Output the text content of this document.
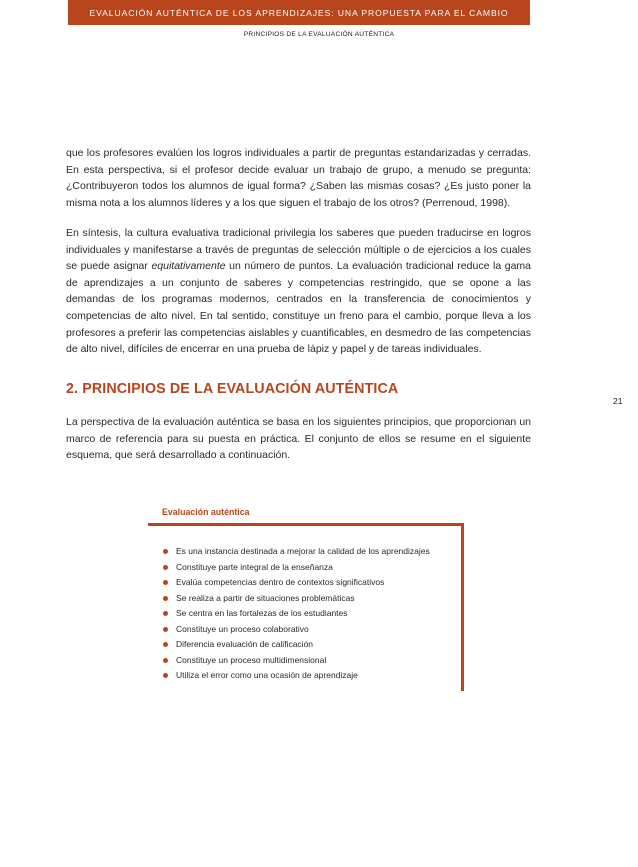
EVALUACIÓN AUTÉNTICA DE LOS APRENDIZAJES: UNA PROPUESTA PARA EL CAMBIO
PRINCIPIOS DE LA EVALUACIÓN AUTÉNTICA

que los profesores evalúen los logros individuales a partir de preguntas estandarizadas y cerradas. En esta perspectiva, si el profesor decide evaluar un trabajo de grupo, a menudo se pregunta: ¿Contribuyeron todos los alumnos de igual forma? ¿Saben las mismas cosas? ¿Es justo poner la misma nota a los alumnos líderes y a los que siguen el trabajo de los otros? (Perrenoud, 1998).

En síntesis, la cultura evaluativa tradicional privilegia los saberes que pueden traducirse en logros individuales y manifestarse a través de preguntas de selección múltiple o de ejercicios a los cuales se puede asignar equitativamente un número de puntos. La evaluación tradicional reduce la gama de aprendizajes a un conjunto de saberes y competencias restringido, que se opone a las demandas de los programas modernos, centrados en la transferencia de conocimientos y competencias de alto nivel. En tal sentido, constituye un freno para el cambio, porque lleva a los profesores a preferir las competencias aislables y cuantificables, en desmedro de las competencias de alto nivel, difíciles de encerrar en una prueba de lápiz y papel y de tareas individuales.

2. PRINCIPIOS DE LA EVALUACIÓN AUTÉNTICA
21

La perspectiva de la evaluación auténtica se basa en los siguientes principios, que proporcionan un marco de referencia para su puesta en práctica. El conjunto de ellos se resume en el siguiente esquema, que será desarrollado a continuación.

Evaluación auténtica
Es una instancia destinada a mejorar la calidad de los aprendizajes
Constituye parte integral de la enseñanza
Evalúa competencias dentro de contextos significativos
Se realiza a partir de situaciones problemáticas
Se centra en las fortalezas de los estudiantes
Constituye un proceso colaborativo
Diferencia evaluación de calificación
Constituye un proceso multidimensional
Utiliza el error como una ocasión de aprendizaje
